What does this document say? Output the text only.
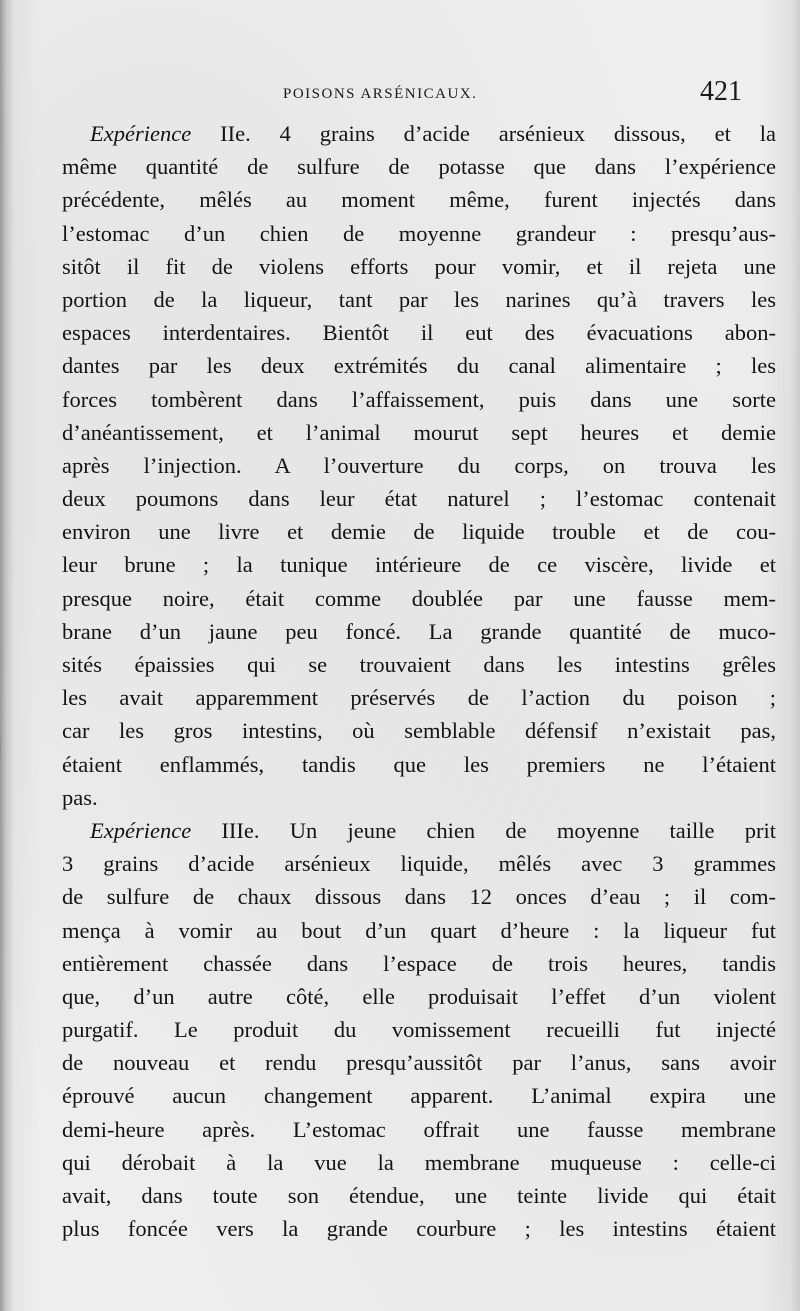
POISONS ARSÉNICAUX.	421
Expérience IIe. 4 grains d’acide arsénieux dissous, et la
même quantité de sulfure de potasse que dans l’expérience
précédente, mêlés au moment même, furent injectés dans
l’estomac d’un chien de moyenne grandeur : presqu’aus-
sitôt il fit de violens efforts pour vomir, et il rejeta une
portion de la liqueur, tant par les narines qu’à travers les
espaces interdentaires. Bientôt il eut des évacuations abon-
dantes par les deux extrémités du canal alimentaire ; les
forces tombèrent dans l’affaissement, puis dans une sorte
d’anéantissement, et l’animal mourut sept heures et demie
après l’injection. A l’ouverture du corps, on trouva les
deux poumons dans leur état naturel ; l’estomac contenait
environ une livre et demie de liquide trouble et de cou-
leur brune ; la tunique intérieure de ce viscère, livide et
presque noire, était comme doublée par une fausse mem-
brane d’un jaune peu foncé. La grande quantité de muco-
sités épaissies qui se trouvaient dans les intestins grêles
les avait apparemment préservés de l’action du poison ;
car les gros intestins, où semblable défensif n’existait pas,
étaient enflammés, tandis que les premiers ne l’étaient
pas.
Expérience IIIe. Un jeune chien de moyenne taille prit
3 grains d’acide arsénieux liquide, mêlés avec 3 grammes
de sulfure de chaux dissous dans 12 onces d’eau ; il com-
mença à vomir au bout d’un quart d’heure : la liqueur fut
entièrement chassée dans l’espace de trois heures, tandis
que, d’un autre côté, elle produisait l’effet d’un violent
purgatif. Le produit du vomissement recueilli fut injecté
de nouveau et rendu presqu’aussitôt par l’anus, sans avoir
éprouvé aucun changement apparent. L’animal expira une
demi-heure après. L’estomac offrait une fausse membrane
qui dérobait à la vue la membrane muqueuse : celle-ci
avait, dans toute son étendue, une teinte livide qui était
plus foncée vers la grande courbure ; les intestins étaient
